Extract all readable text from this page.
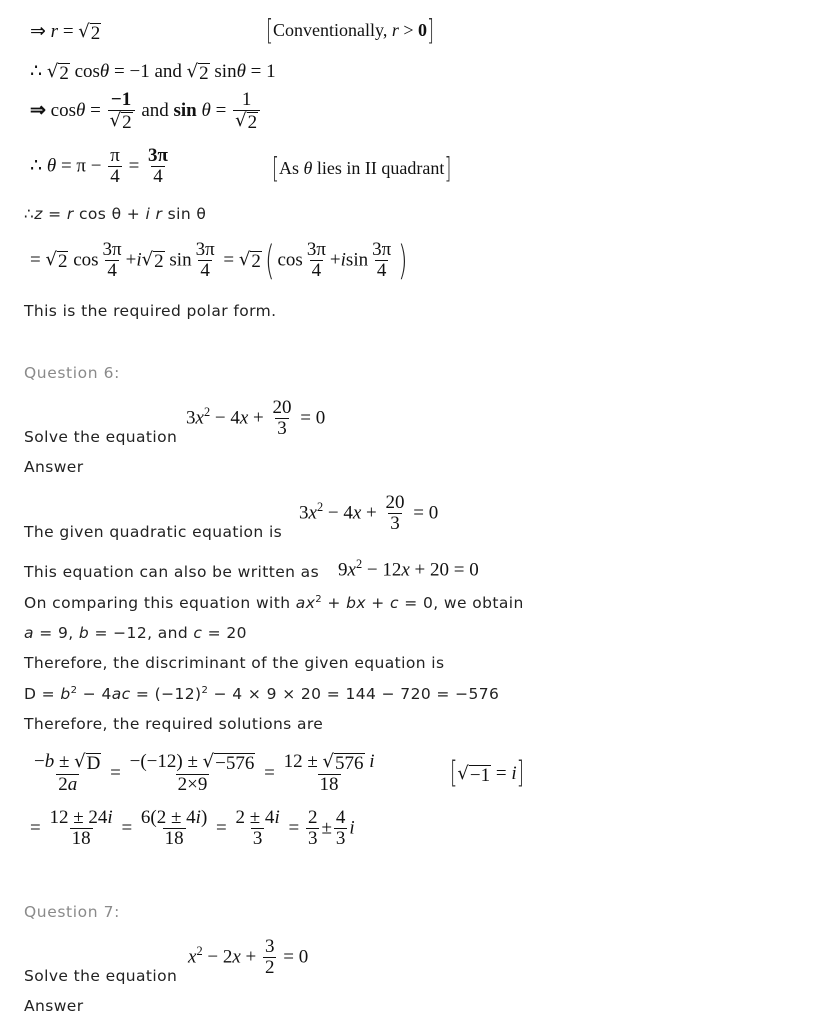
⇒ r = √ 2	[Conventionally, r > 0]
∴ √ 2 cosθ = −1 and √ 2 sinθ = 1
⇒ $\cos\theta = \frac{-1}{√ 2}$ and $\sin \theta = \frac{1}{√ 2}$
∴ $\theta = \pi - \frac{\pi}{4} = \frac{3\pi}{4}$	[As θ lies in II quadrant]
∴z = r cos θ + i r sin θ
= √ 2 $\cos \frac{3\pi}{4} +i$ √ 2 $\sin \frac{3\pi}{4}$ = √ 2 ( $\cos \frac{3\pi}{4} +isin \frac{3\pi}{4}$ )
This is the required polar form.
Question 6:
$3x^2 - 4x + \frac{20}{3} = 0$
Solve the equation
Answer
$3x^2 - 4x + \frac{20}{3} = 0$
The given quadratic equation is
This equation can also be written as $9x^2 - 12x + 20 = 0$
On comparing this equation with $ax^2$ + bx + c = 0, we obtain
a = 9, b = −12, and c = 20
Therefore, the discriminant of the given equation is
$D = b^2 - 4ac = (-12)^2 - 4 \times 9 \times 20 = 144 - 720 = -576$
Therefore, the required solutions are
$\frac{-b \pm √ D}{2a} = \frac{-(-12) \pm √ -576}{2\times 9} = \frac{12 \pm √ 576 i}{18}$	[ √ −1 = i]
= $\frac{12 \pm 24i}{18} = \frac{6(2 \pm 4i)}{18} = \frac{2 \pm 4i}{3} = \frac{2}{3} \pm \frac{4}{3}$ i
Question 7:
$x^2 - 2x + \frac{3}{2} = 0$
Solve the equation
Answer
